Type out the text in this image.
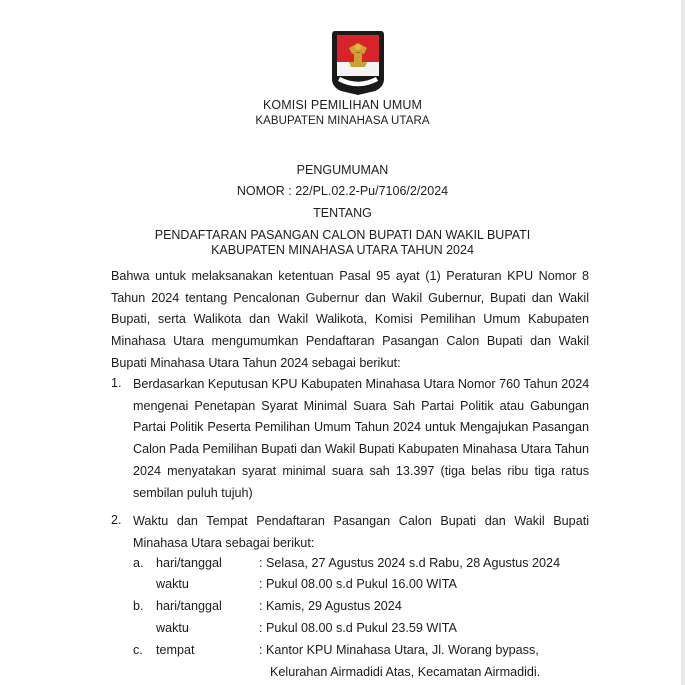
KOMISI PEMILIHAN UMUM
KABUPATEN MINAHASA UTARA
PENGUMUMAN
NOMOR : 22/PL.02.2-Pu/7106/2/2024
TENTANG
PENDAFTARAN PASANGAN CALON BUPATI DAN WAKIL BUPATI
KABUPATEN MINAHASA UTARA TAHUN 2024
Bahwa untuk melaksanakan ketentuan Pasal 95 ayat (1) Peraturan KPU Nomor 8
Tahun 2024 tentang Pencalonan Gubernur dan Wakil Gubernur, Bupati dan Wakil
Bupati, serta Walikota dan Wakil Walikota, Komisi Pemilihan Umum Kabupaten
Minahasa Utara mengumumkan Pendaftaran Pasangan Calon Bupati dan Wakil
Bupati Minahasa Utara Tahun 2024 sebagai berikut:
1. Berdasarkan Keputusan KPU Kabupaten Minahasa Utara Nomor 760 Tahun 2024
mengenai Penetapan Syarat Minimal Suara Sah Partai Politik atau Gabungan
Partai Politik Peserta Pemilihan Umum Tahun 2024 untuk Mengajukan Pasangan
Calon Pada Pemilihan Bupati dan Wakil Bupati Kabupaten Minahasa Utara Tahun
2024 menyatakan syarat minimal suara sah 13.397 (tiga belas ribu tiga ratus
sembilan puluh tujuh)
2. Waktu dan Tempat Pendaftaran Pasangan Calon Bupati dan Wakil Bupati
Minahasa Utara sebagai berikut:
a. hari/tanggal	: Selasa, 27 Agustus 2024 s.d Rabu, 28 Agustus 2024
waktu	: Pukul 08.00 s.d Pukul 16.00 WITA
b. hari/tanggal	: Kamis, 29 Agustus 2024
waktu	: Pukul 08.00 s.d Pukul 23.59 WITA
c. tempat	: Kantor KPU Minahasa Utara, Jl. Worang bypass,
Kelurahan Airmadidi Atas, Kecamatan Airmadidi.
